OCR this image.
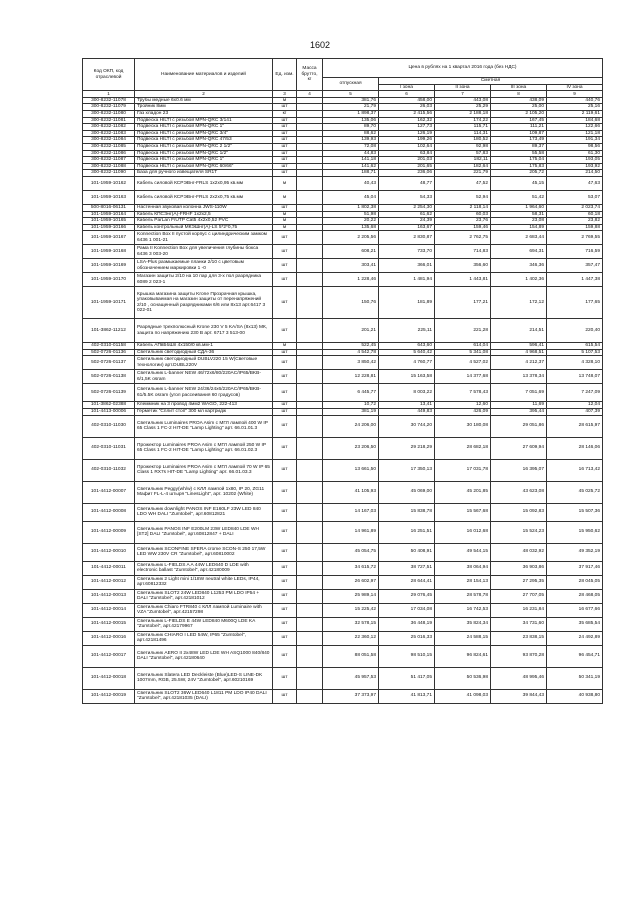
1602
Код ОКП, код отраслевой	Наименование материалов и изделий	Ед. изм.	Масса брутто, кг	Цена в рублях на 1 квартал 2016 года (без НДС)				
				отпускная	Сметная			
					I зона	II зона	III зона	IV зона
1	2	3	4	5	6	7	8	9
300-8232-11078	Трубы медные 6х0.6 мм	м		381,76	458,00	443,08	438,09	440,76
300-8232-11079	Тройник 8мм	шт		21,79	26,03	25,29	25,00	25,16
300-8232-11080	Газ хладон 23	кг		1 898,37	2 415,56	2 188,18	2 105,20	2 119,61
300-8232-11081	Подвеска HILTI с резьбой MPN-QRC 3/141	шт		135,06	162,32	174,22	167,45	184,68
300-8232-11082	Подвеска HILTI с резьбой MPN-QRC 1"	шт		89,70	127,73	115,71	111,21	122,66
300-8232-11083	Подвеска HILTI с резьбой MPN-QRC 3/4"	шт		88,62	126,19	114,31	109,87	121,18
300-8232-11084	Подвеска HILTI с резьбой MPN-QRC 47/53	шт		139,93	199,26	180,52	173,49	191,34
300-8232-11085	Подвеска HILTI с резьбой MPN-QRC 2 1/2"	шт		72,08	102,64	92,98	89,37	98,56
300-8232-11086	Подвеска HILTI с резьбой MPN-QRC 1/2"	шт		44,83	63,84	57,83	55,58	61,30
300-8232-11087	Подвеска HILTI с резьбой MPN-QRC 1"	шт		141,18	201,03	182,11	175,04	193,05
300-8232-11088	Подвеска HILTI с резьбой MPN-QRC 60/66"	шт		141,62	201,65	182,64	175,83	193,92
300-8232-11090	База для ручного извещателя SR1T	шт		188,71	236,06	221,79	205,72	214,50
101-1959-10162	Кабель силовой КСРЭВнг-FRLS 1х2х0,95 кв.мм	м		40,43	48,77	47,52	45,15	47,63
101-1959-10163	Кабель силовой КСРЭВнг-FRLS 2х2х0,75 кв.мм	м		45,04	54,33	52,94	51,42	53,07
500-8016-06131	Настенная звуковая колонна JWS-110W	шт		1 802,38	2 254,30	2 118,14	1 964,60	2 023,74
101-1959-10164	Кабель КПСЭнг(А)-FRHF 1х2х2,5	м		51,98	61,62	60,03	58,31	60,18
101-1959-10165	Кабель ParLan F/UTP Cat5 4х2х0,52 PVC	м		20,22	24,39	23,76	23,08	23,82
101-1959-10166	Кабель контрольный МКЭШнг(А)-LS 5*2*0,75	м		135,68	163,67	159,46	154,89	159,88
101-1959-10167	Konnection Box II пустой корпус с цилиндрическим замком 6436 1 001-21	шт		2 205,56	2 830,87	2 762,75	2 683,44	2 769,55
101-1959-10168	Рама II Konnection Box для увеличения глубины бокса 6436 3 003-20	шт		608,21	733,70	714,83	694,31	716,59
101-1959-10169	LSA-Plus размыкаемые планки 2/10 с цветовым обозначением маркировки 1 -0	шт		303,41	366,01	356,60	346,36	357,47
101-1959-10170	Магазин защиты 2/10 на 10 пар для 3-х пол разрядника 6089 2 023-1	шт		1 228,46	1 481,94	1 443,81	1 402,36	1 447,38
101-1959-10171	Крышка магазина защиты Krone Прозрачная крышка, упаковываемая на магазин защиты от перенапряжений 2/10 , оснащенный разрядниками 6/6 или 8х13 арт.6417 3 022-01	шт		150,76	181,89	177,21	172,12	177,65
101-3862-11212	Разрядные трехполюсный Krone 230 V 5 KA/SA (8х13) МК, защита по напряжению 230 В арт. 6717 3 513-00	шт		201,21	225,11	221,28	214,51	220,40
402-0310-01158	Кабель АПвБбШп 4х150/0 кв.мм-1	м		522,45	643,60	614,04	596,41	615,54
502-0726-01136	Светильник светодиодный СДА-36	шт		4 542,78	5 640,42	5 341,08	4 968,51	5 107,53
502-0726-01137	Светильник светодиодный DUBLV220 15 W(Световые технологии) арт.DUBL220V	шт		3 850,42	4 760,77	4 527,02	4 212,37	4 328,10
502-0726-01138	Светильник L-banner NEW 46/72х6/80/220AC/IP65/BKB-6/1,5K osram	шт		12 228,81	15 163,58	14 377,68	13 378,34	13 748,07
502-0726-01139	Светильник L-banner NEW 24/36/24х6/220AC/IP65/BKB-61/5.5K osram (угол рассеивания 60 градусов)	шт		6 445,77	8 003,22	7 578,43	7 051,69	7 247,09
101-3862-02388	Клеммник на 3 провод 4мм2 WAGO, 222-413	шт		10,72	13,41	12,60	11,69	12,04
101-4413-00006	Герметик "Сплит стоп" 300 мл картридж	шт		381,19	449,83	426,09	395,44	407,39
402-0310-11030	Светильник Luminaires PROA Asim с МГЛ лампой 400 W IP 65 Class 1 FC-2 HIT-DE "Lamp Lighting" арт. 66.01.01.3	шт		24 206,00	30 744,20	30 180,08	29 051,86	28 615,97
402-0310-11031	Прожектор Luminaires PROA Asim с МГЛ лампой 250 W IP 65 Class 1 FC-2 HIT-DE "Lamp Lighting" арт. 66.01.02.3	шт		23 206,50	29 218,29	28 682,18	27 609,94	28 146,06
402-0310-11032	Прожектор Luminaires PROA Asim с МГЛ лампой 70 W IP 65 Class 1 RX7s HIT-DE "Lamp Lighting" арт. 66.01.03.3	шт		13 661,50	17 350,13	17 031,78	16 395,07	16 713,42
101-4412-00007	Светильник Peggy(wh/w) с КЛЛ лампой 1х80, IP 20, ZG11 Мафит FL-L-4 штыря "LinesLight", арт. 10202 (White)	шт		41 105,93	45 069,00	45 201,85	43 623,08	45 025,72
101-4412-00008	Светильник downlight PANOS INF E160LF 23W LED 840 LDO WH DALI "Zumtobel", арт.60812821	шт		14 167,03	15 838,78	15 567,68	15 092,83	15 507,36
101-4412-00009	Светильник PANOS INF E200LM 23W LED840 LDE WH [ST2] DALI "Zumtobel", арт.60812847 + DALI	шт		14 961,89	16 251,51	16 012,68	15 524,23	15 950,62
101-4412-00010	Светильник SCONFINE SFERA crome SCON-S 250 17,5W LED WW 230V CR "Zumtobel", арт.60810002	шт		45 054,75	50 408,91	49 544,15	48 032,92	49 352,19
101-4412-00011	Светильник L-FIELDS A A 44W LED640 D LDE with electronic ballast "Zumtobel", арт.42180009	шт		34 615,72	38 727,51	38 064,94	36 903,86	37 917,46
101-4412-00012	Светильник 2 Light mini 1/18W neutral white LEDs, IP44, арт.60812332	шт		26 602,97	28 644,41	28 154,13	27 295,35	28 045,05
101-4412-00013	Светильник SLOT2 24W LED840 L1253 PM LDO IP54 + DALI "Zumtobel", арт.42181012	шт		25 989,14	29 076,45	28 578,78	27 707,05	28 468,05
101-4412-00014	Светильник Chiaro FTR840 с КЛЛ лампой Luminaire with VZA "Zumtobel", арт.42157298	шт		15 225,42	17 034,08	16 742,53	16 231,84	16 677,66
101-4412-00015	Светильник L-FIELDS E 44W LED840 M600Q LDE KA "Zumtobel", арт.42179967	шт		32 578,15	36 448,19	35 824,34	34 731,60	35 685,54
101-4412-00016	Светильник CHIARO I LED 54W, IP65 "Zumtobel", арт.42181496	шт		22 360,12	25 016,33	24 588,15	23 838,15	24 492,89
101-4412-00017	Светильник AERO II 2х48W LED LDE WH ASQ1000 840/840 DALI "Zumtobel", арт.42180640	шт		88 051,58	98 510,15	96 824,61	93 870,28	96 454,71
101-4412-00018	Светильник Slatera LED Deckleiste (Blue)LED-S LINE-DK 1007mm, RGB, 25.5W, 24V "Zumtobel", арт.60210169	шт		45 957,53	51 417,05	50 536,98	48 995,46	50 341,19
101-4412-00019	Светильник SLOT2 36W LED640 L1811 PM LDO IP40 DALI "Zumtobel", арт.42181035 (DALI)	шт		37 373,97	41 813,71	41 098,03	39 844,43	40 938,80
